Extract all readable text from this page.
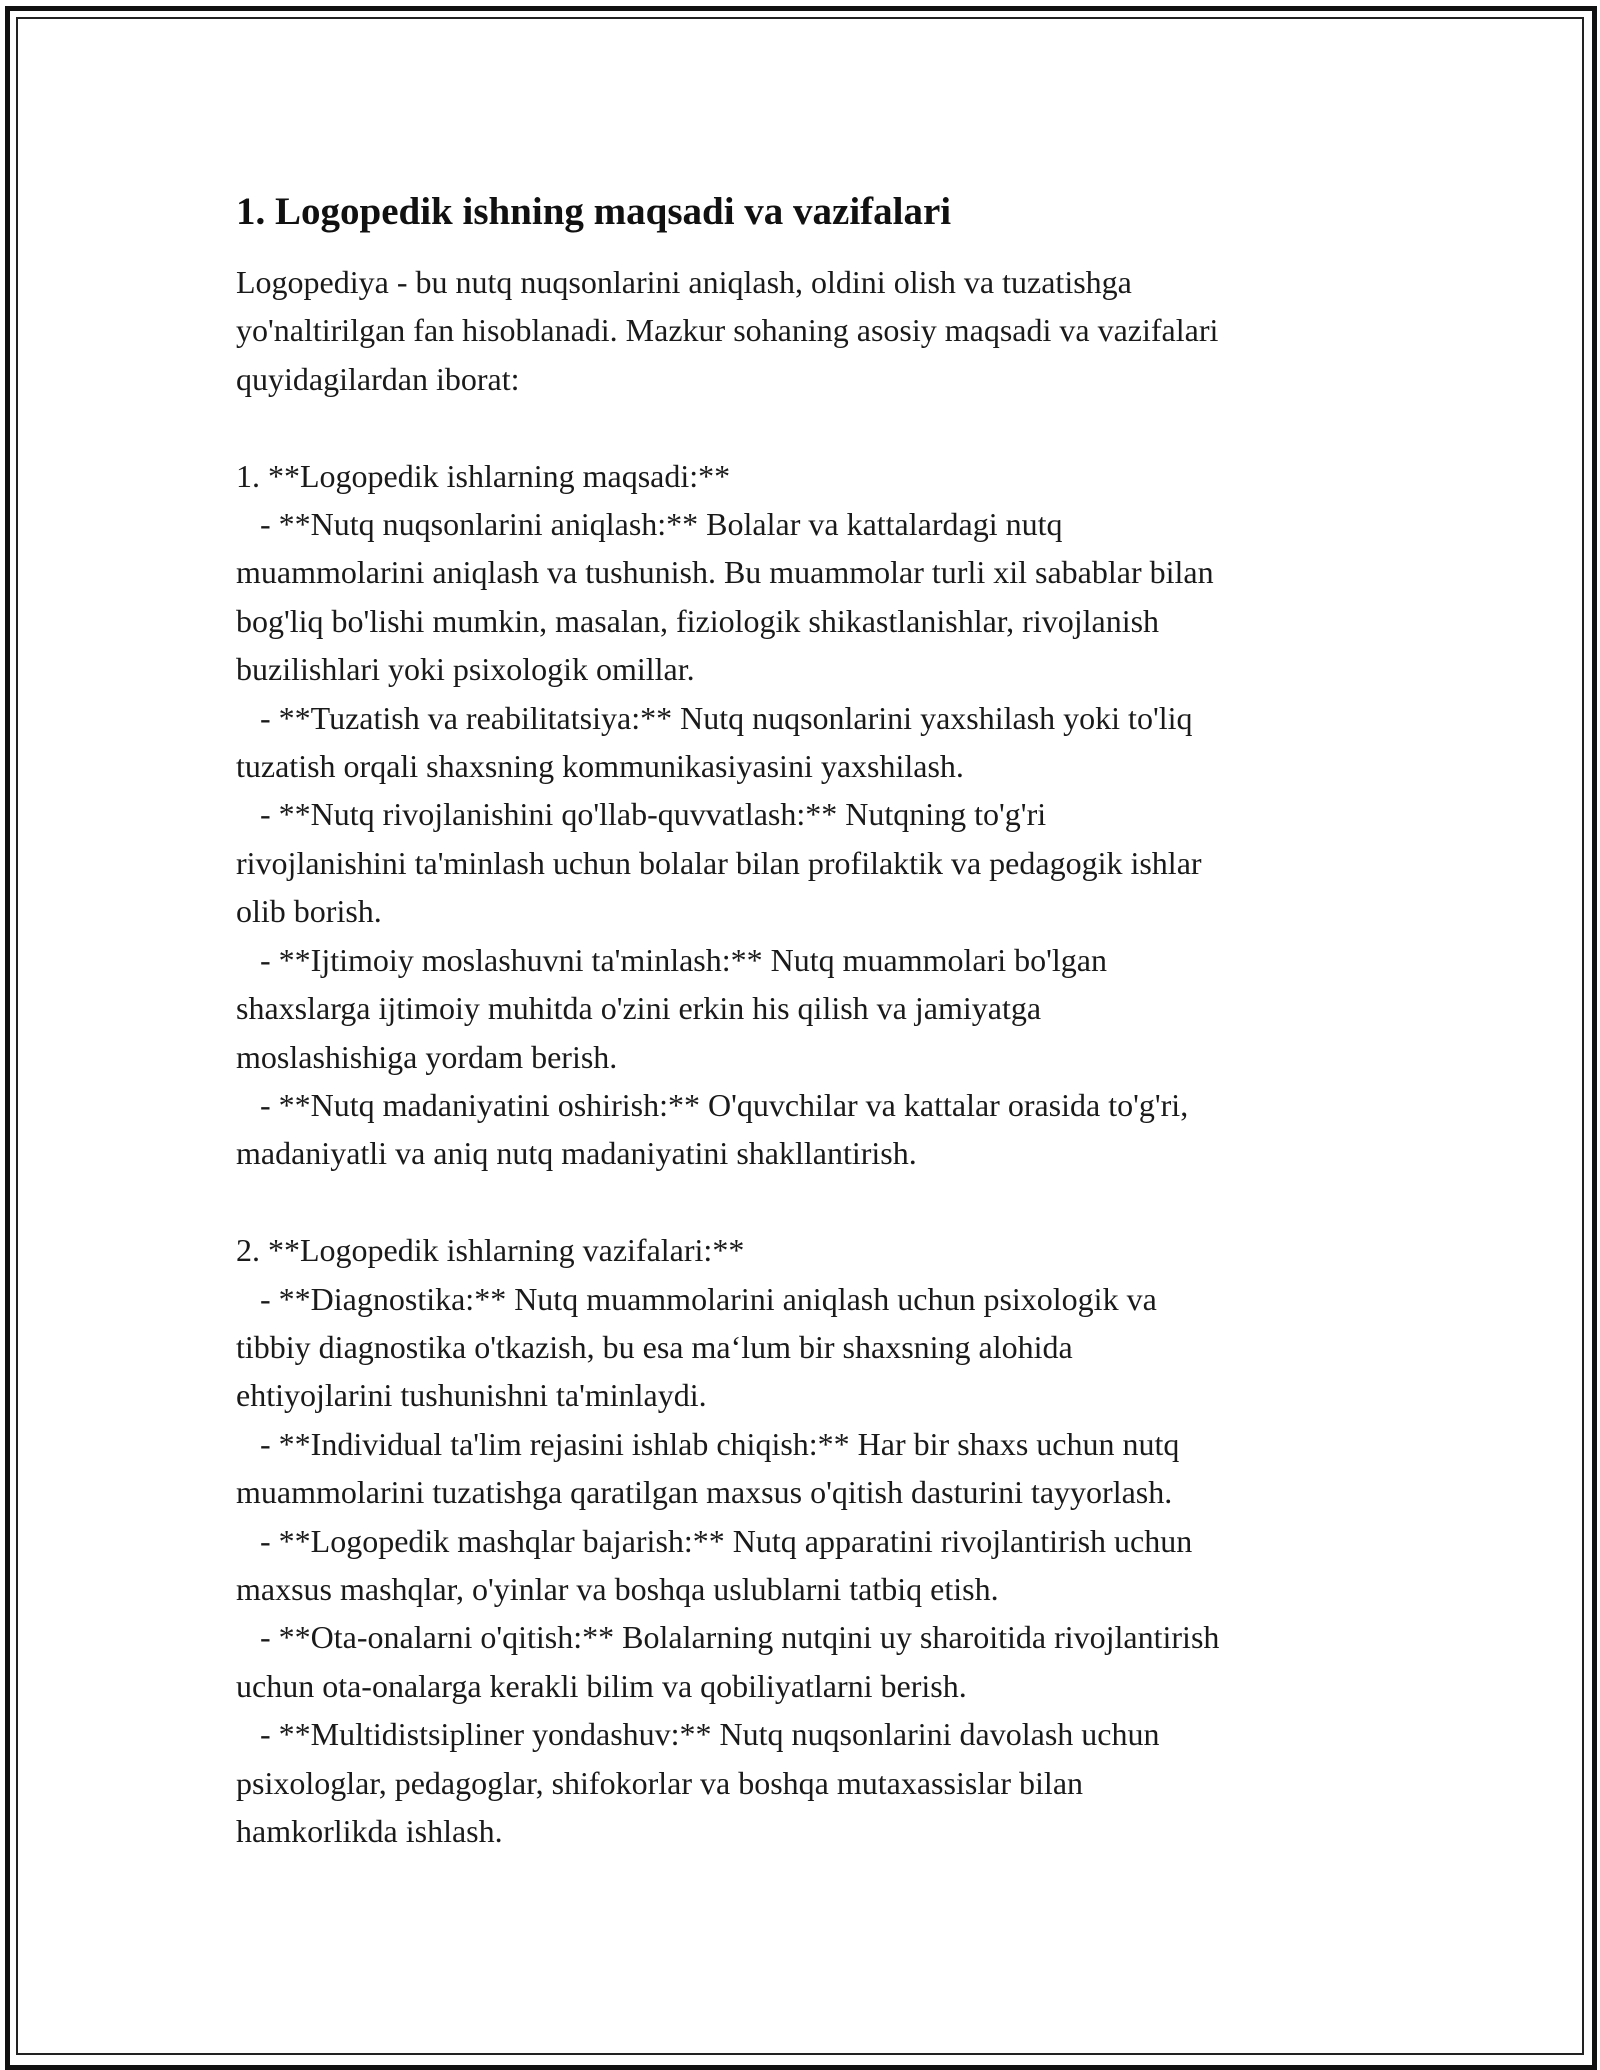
1. Logopedik ishning maqsadi va vazifalari

Logopediya - bu nutq nuqsonlarini aniqlash, oldini olish va tuzatishga
yo'naltirilgan fan hisoblanadi. Mazkur sohaning asosiy maqsadi va vazifalari
quyidagilardan iborat:

1. **Logopedik ishlarning maqsadi:**
- **Nutq nuqsonlarini aniqlash:** Bolalar va kattalardagi nutq
muammolarini aniqlash va tushunish. Bu muammolar turli xil sabablar bilan
bog'liq bo'lishi mumkin, masalan, fiziologik shikastlanishlar, rivojlanish
buzilishlari yoki psixologik omillar.
- **Tuzatish va reabilitatsiya:** Nutq nuqsonlarini yaxshilash yoki to'liq
tuzatish orqali shaxsning kommunikasiyasini yaxshilash.
- **Nutq rivojlanishini qo'llab-quvvatlash:** Nutqning to'g'ri
rivojlanishini ta'minlash uchun bolalar bilan profilaktik va pedagogik ishlar
olib borish.
- **Ijtimoiy moslashuvni ta'minlash:** Nutq muammolari bo'lgan
shaxslarga ijtimoiy muhitda o'zini erkin his qilish va jamiyatga
moslashishiga yordam berish.
- **Nutq madaniyatini oshirish:** O'quvchilar va kattalar orasida to'g'ri,
madaniyatli va aniq nutq madaniyatini shakllantirish.

2. **Logopedik ishlarning vazifalari:**
- **Diagnostika:** Nutq muammolarini aniqlash uchun psixologik va
tibbiy diagnostika o'tkazish, bu esa ma‘lum bir shaxsning alohida
ehtiyojlarini tushunishni ta'minlaydi.
- **Individual ta'lim rejasini ishlab chiqish:** Har bir shaxs uchun nutq
muammolarini tuzatishga qaratilgan maxsus o'qitish dasturini tayyorlash.
- **Logopedik mashqlar bajarish:** Nutq apparatini rivojlantirish uchun
maxsus mashqlar, o'yinlar va boshqa uslublarni tatbiq etish.
- **Ota-onalarni o'qitish:** Bolalarning nutqini uy sharoitida rivojlantirish
uchun ota-onalarga kerakli bilim va qobiliyatlarni berish.
- **Multidistsipliner yondashuv:** Nutq nuqsonlarini davolash uchun
psixologlar, pedagoglar, shifokorlar va boshqa mutaxassislar bilan
hamkorlikda ishlash.
